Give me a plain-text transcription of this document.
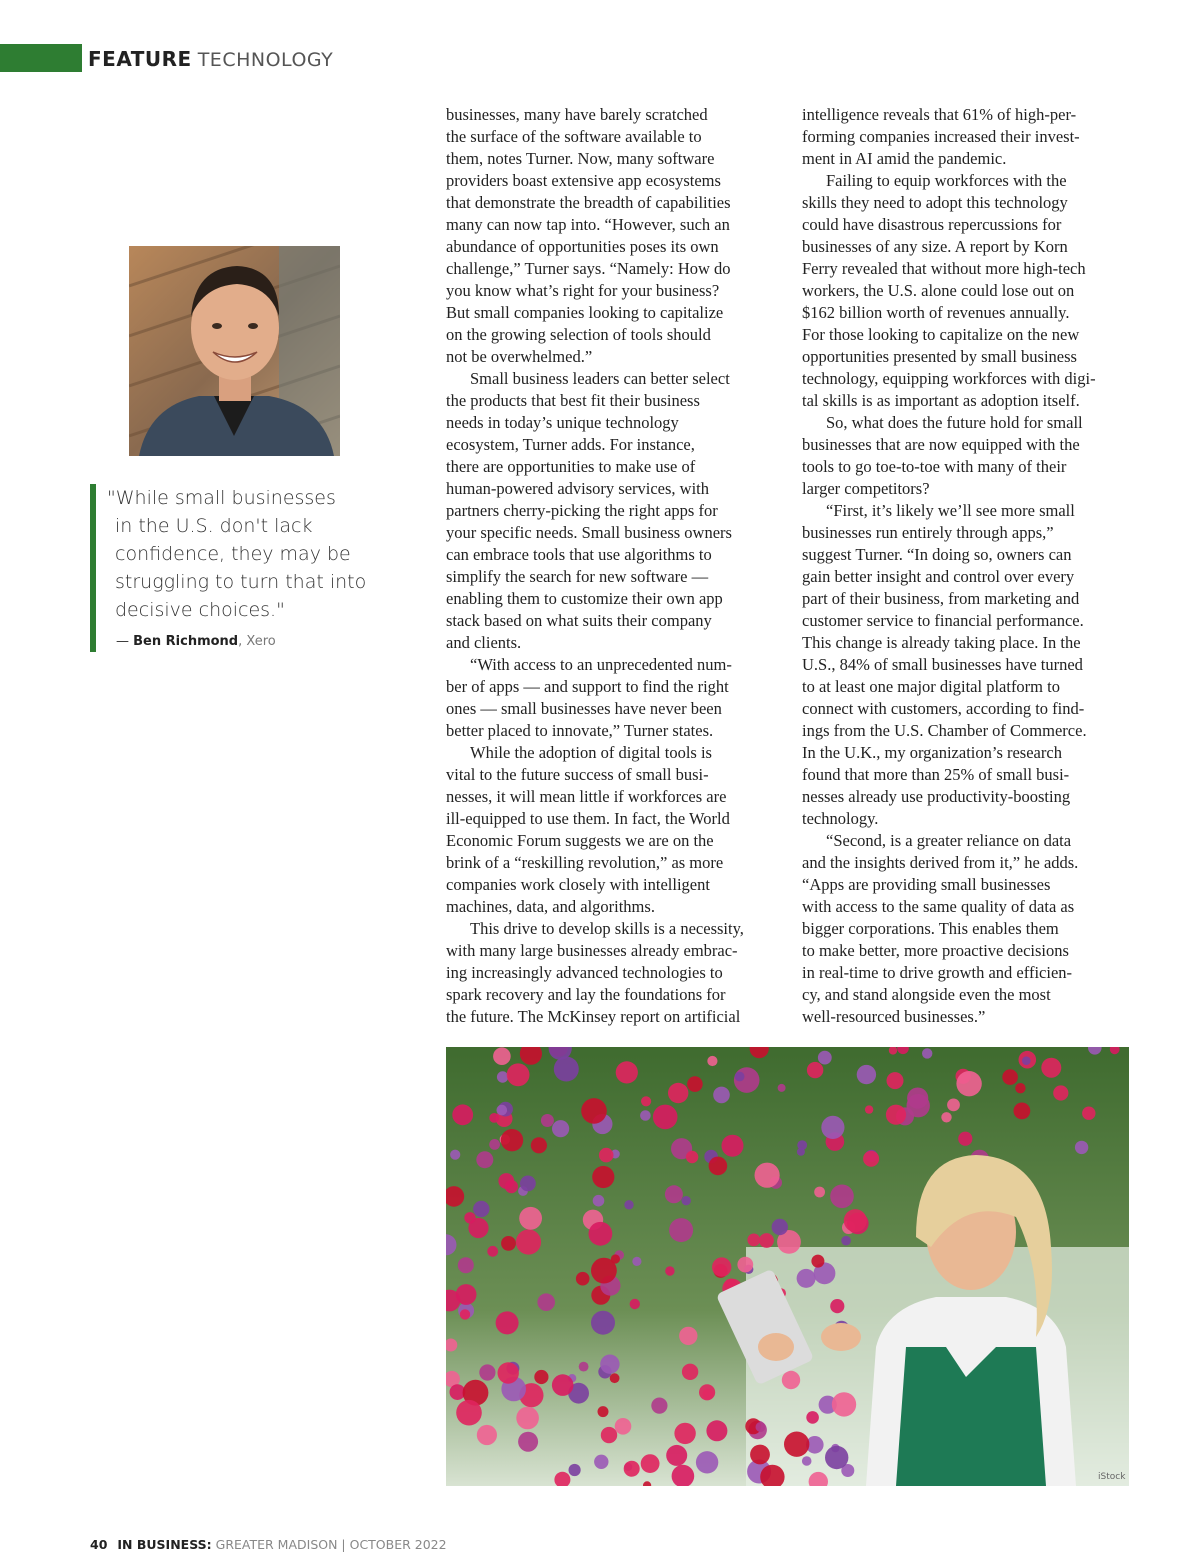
FEATURE TECHNOLOGY

"While small businesses

in the U.S. don't lack

confidence, they may be

struggling to turn that into

decisive choices."

— Ben Richmond, Xero
businesses, many have barely scratched
the surface of the software available to
them, notes Turner. Now, many software
providers boast extensive app ecosystems
that demonstrate the breadth of capabilities
many can now tap into. “However, such an
abundance of opportunities poses its own
challenge,” Turner says. “Namely: How do
you know what’s right for your business?
But small companies looking to capitalize
on the growing selection of tools should
not be overwhelmed.”
Small business leaders can better select
the products that best fit their business
needs in today’s unique technology
ecosystem, Turner adds. For instance,
there are opportunities to make use of
human-powered advisory services, with
partners cherry-picking the right apps for
your specific needs. Small business owners
can embrace tools that use algorithms to
simplify the search for new software —
enabling them to customize their own app
stack based on what suits their company
and clients.
“With access to an unprecedented num-
ber of apps — and support to find the right
ones — small businesses have never been
better placed to innovate,” Turner states.
While the adoption of digital tools is
vital to the future success of small busi-
nesses, it will mean little if workforces are
ill-equipped to use them. In fact, the World
Economic Forum suggests we are on the
brink of a “reskilling revolution,” as more
companies work closely with intelligent
machines, data, and algorithms.
This drive to develop skills is a necessity,
with many large businesses already embrac-
ing increasingly advanced technologies to
spark recovery and lay the foundations for
the future. The McKinsey report on artificial
intelligence reveals that 61% of high-per-
forming companies increased their invest-
ment in AI amid the pandemic.
Failing to equip workforces with the
skills they need to adopt this technology
could have disastrous repercussions for
businesses of any size. A report by Korn
Ferry revealed that without more high-tech
workers, the U.S. alone could lose out on
$162 billion worth of revenues annually.
For those looking to capitalize on the new
opportunities presented by small business
technology, equipping workforces with digi-
tal skills is as important as adoption itself.
So, what does the future hold for small
businesses that are now equipped with the
tools to go toe-to-toe with many of their
larger competitors?
“First, it’s likely we’ll see more small
businesses run entirely through apps,”
suggest Turner. “In doing so, owners can
gain better insight and control over every
part of their business, from marketing and
customer service to financial performance.
This change is already taking place. In the
U.S., 84% of small businesses have turned
to at least one major digital platform to
connect with customers, according to find-
ings from the U.S. Chamber of Commerce.
In the U.K., my organization’s research
found that more than 25% of small busi-
nesses already use productivity-boosting
technology.
“Second, is a greater reliance on data
and the insights derived from it,” he adds.
“Apps are providing small businesses
with access to the same quality of data as
bigger corporations. This enables them
to make better, more proactive decisions
in real-time to drive growth and efficien-
cy, and stand alongside even the most
well-resourced businesses.”
iStock
40 IN BUSINESS: GREATER MADISON | OCTOBER 2022
